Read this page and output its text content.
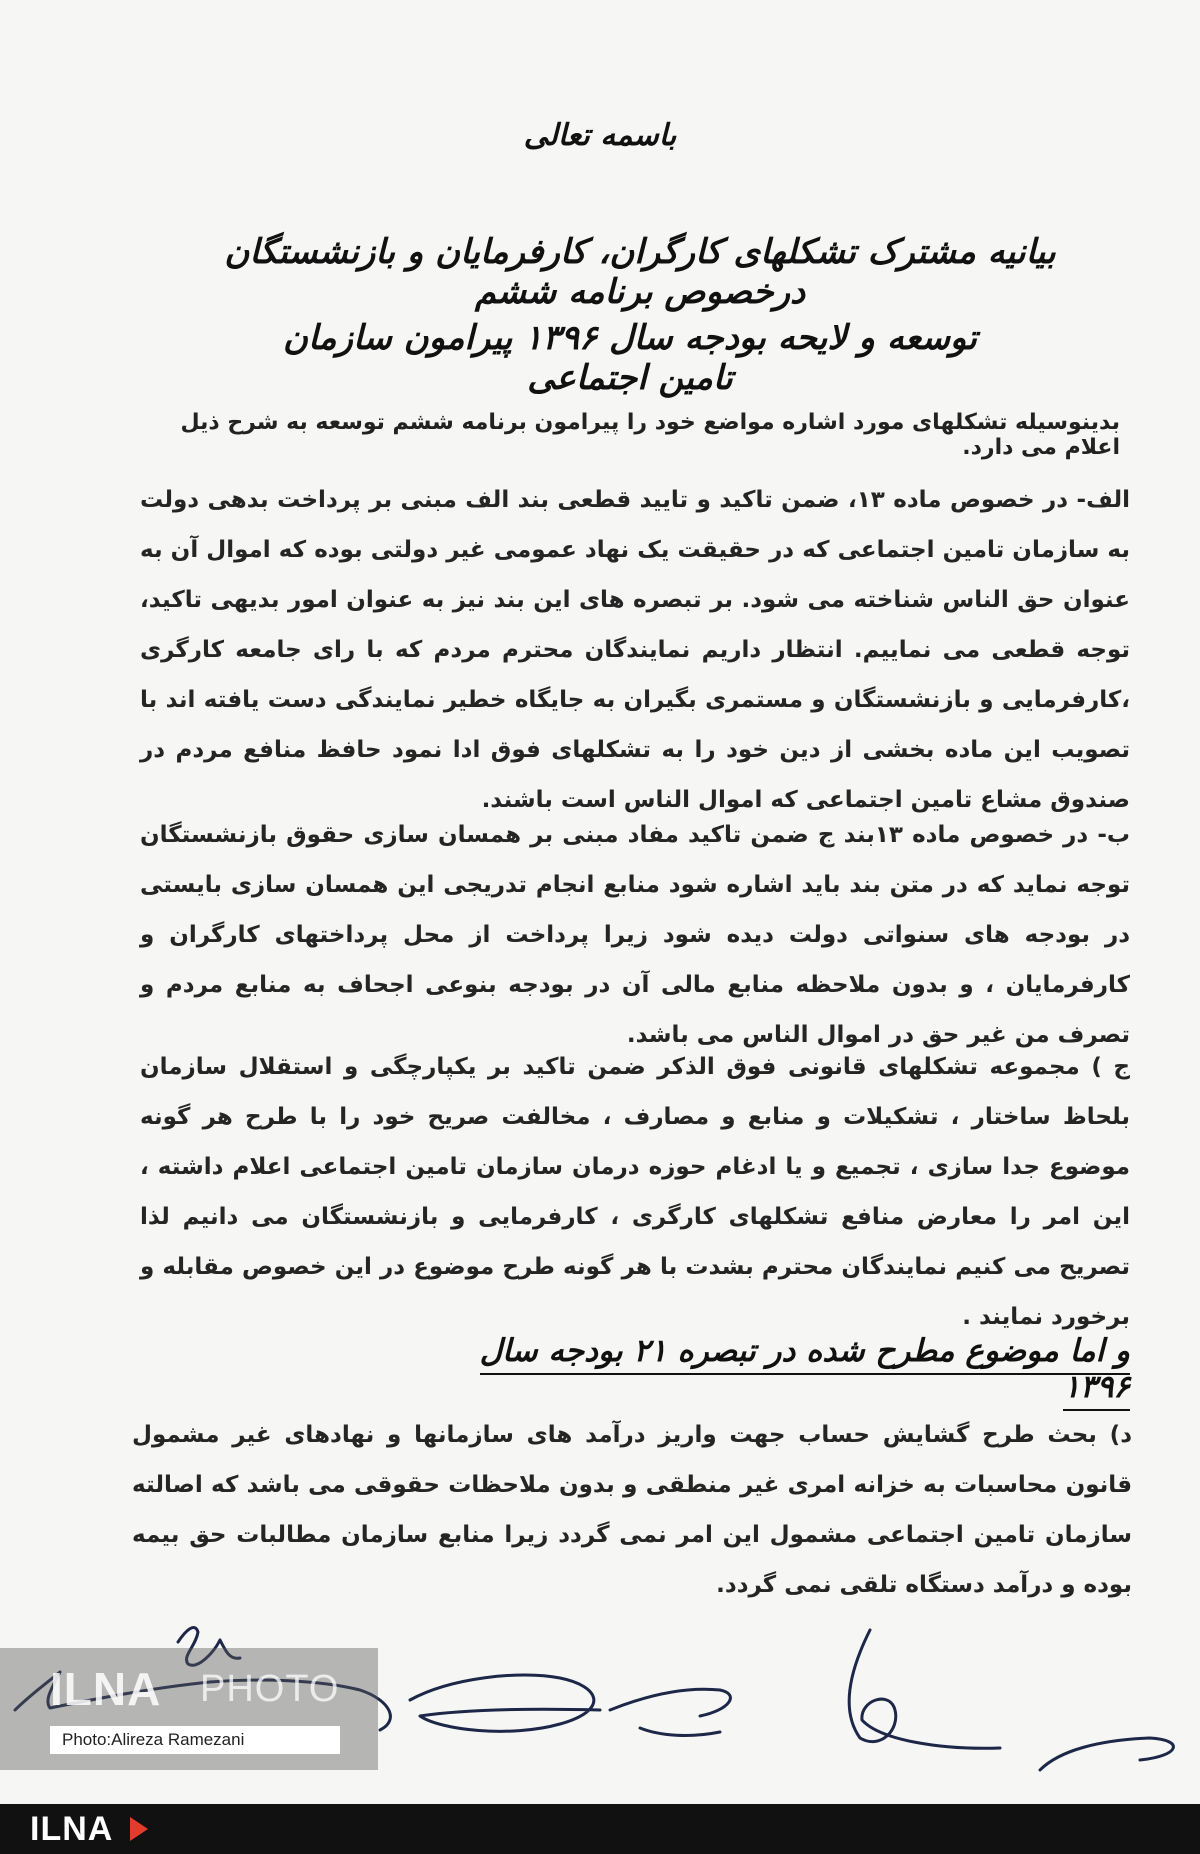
باسمه تعالی
بیانیه مشترک تشکلهای کارگران، کارفرمایان و بازنشستگان درخصوص برنامه ششم
توسعه و لایحه بودجه سال ۱۳۹۶ پیرامون سازمان تامین اجتماعی
بدینوسیله تشکلهای مورد اشاره مواضع خود را پیرامون برنامه ششم توسعه به شرح ذیل اعلام می دارد.
الف- در خصوص ماده ۱۳، ضمن تاکید و تایید قطعی بند الف مبنی بر پرداخت بدهی دولت به سازمان تامین اجتماعی که در حقیقت یک نهاد عمومی غیر دولتی بوده که اموال آن به عنوان حق الناس شناخته می شود. بر تبصره های این بند نیز به عنوان امور بدیهی تاکید، توجه قطعی می نماییم. انتظار داریم نمایندگان محترم مردم که با رای جامعه کارگری ،کارفرمایی و بازنشستگان و مستمری بگیران به جایگاه خطیر نمایندگی دست یافته اند با تصویب این ماده بخشی از دین خود را به تشکلهای فوق ادا نمود حافظ منافع مردم در صندوق مشاع تامین اجتماعی که اموال الناس است باشند.
ب- در خصوص ماده ۱۳بند ج ضمن تاکید مفاد مبنی بر همسان سازی حقوق بازنشستگان توجه نماید که در متن بند باید اشاره شود منابع انجام تدریجی این همسان سازی بایستی در بودجه های سنواتی دولت دیده شود زیرا پرداخت از محل پرداختهای کارگران و کارفرمایان ، و بدون ملاحظه منابع مالی آن در بودجه بنوعی اجحاف به منابع مردم و تصرف من غیر حق در اموال الناس می باشد.
ج ) مجموعه تشکلهای قانونی فوق الذکر ضمن تاکید بر یکپارچگی و استقلال سازمان بلحاظ ساختار ، تشکیلات و منابع و مصارف ، مخالفت صریح خود را با طرح هر گونه موضوع جدا سازی ، تجمیع و یا ادغام حوزه درمان سازمان تامین اجتماعی اعلام داشته ، این امر را معارض منافع تشکلهای کارگری ، کارفرمایی و بازنشستگان می دانیم لذا تصریح می کنیم نمایندگان محترم بشدت با هر گونه طرح موضوع در این خصوص مقابله و برخورد نمایند .
و اما موضوع مطرح شده در تبصره ۲۱ بودجه سال ۱۳۹۶
د) بحث طرح گشایش حساب جهت واریز درآمد های سازمانها و نهادهای غیر مشمول قانون محاسبات به خزانه امری غیر منطقی و بدون ملاحظات حقوقی می باشد که اصالته سازمان تامین اجتماعی مشمول این امر نمی گردد زیرا منابع سازمان مطالبات حق بیمه بوده و درآمد دستگاه تلقی نمی گردد.
ILNA PHOTO
Photo:Alireza Ramezani
ILNA
